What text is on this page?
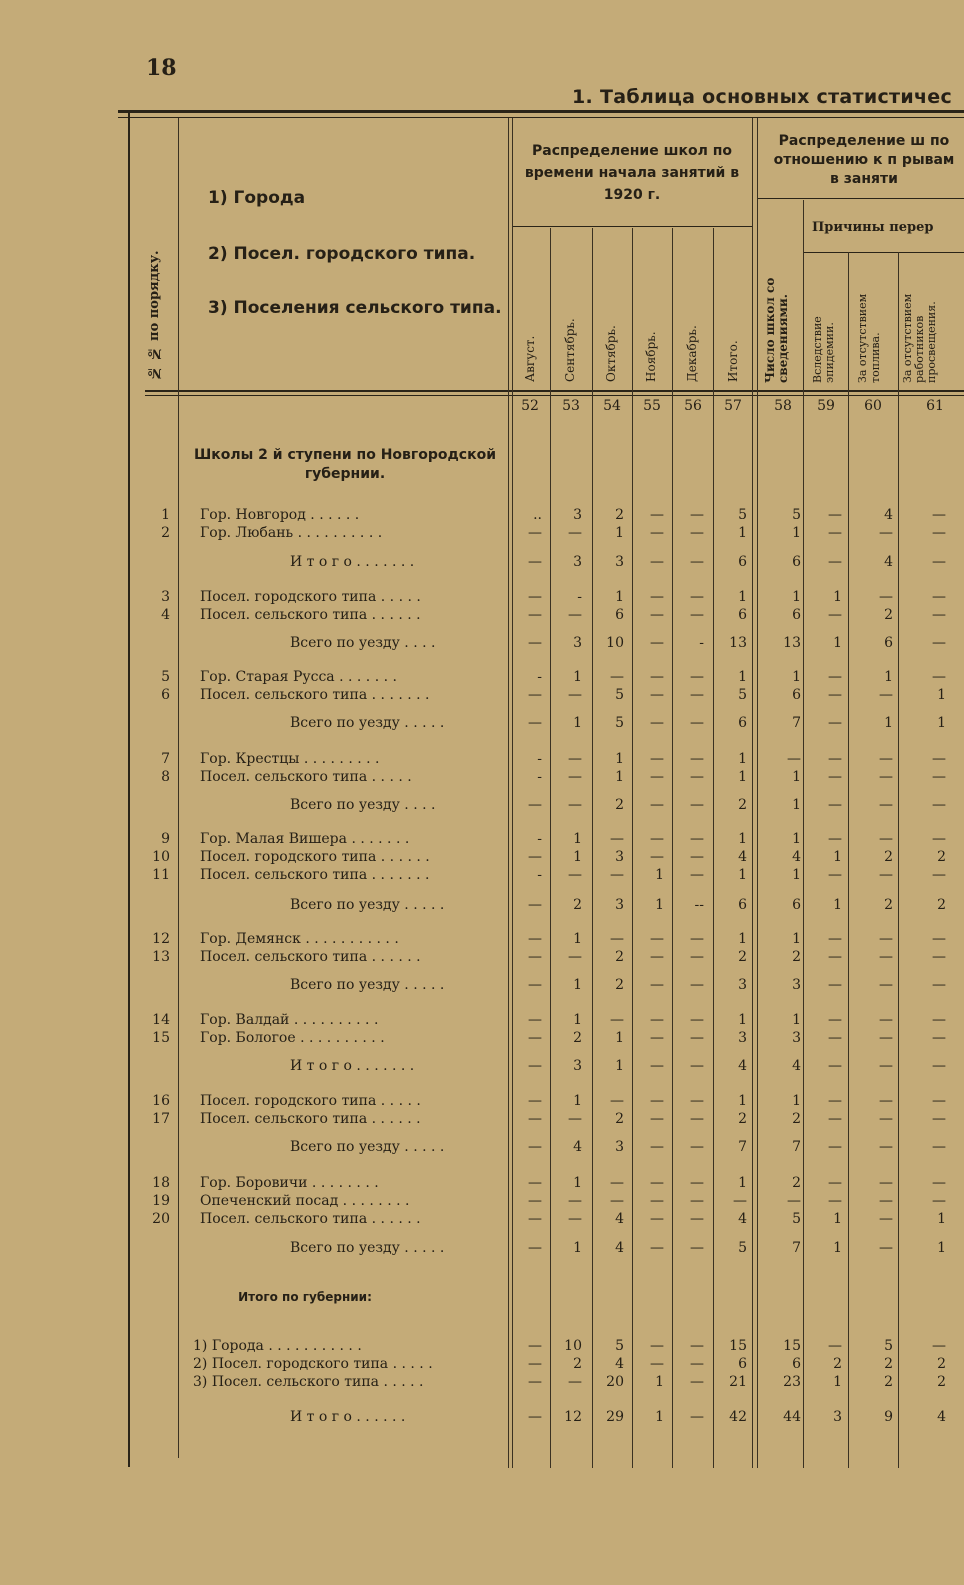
18
1. Таблица основных статистичес
№ № по порядку.
1) Города
2) Посел. городского типа.
3) Поселения сельского типа.
Распределение школ по времени начала занятий в 1920 г.
Распределение ш по отношению к п рывам в заняти
Причины перер
Август. Сентябрь. Октябрь. Ноябрь. Декабрь. Итого. Число школ со сведениями.	Вследствие эпидемии.	За отсутствием топлива.	За отсутствием работников просвещения.
52	53	54	55	56	57	58	59	60	61
Школы 2 й ступени по Новгородской губернии.
1 Гор. Новгород . . . . . .	..	3	2	—	—	5	5	—	4	—
2 Гор. Любань . . . . . . . . . .	—	—	1	—	—	1	1	—	—	—
И т о г о . . . . . . .	—	3	3	—	—	6	6	—	4	—
3 Посел. городского типа . . . . .	—	-	1	—	—	1	1	1	—	—
4 Посел. сельского типа . . . . . .	—	—	6	—	—	6	6	—	2	—
Всего по уезду . . . .	—	3	10	—	-	13	13	1	6	—
5 Гор. Старая Русса . . . . . . .	-	1	—	—	—	1	1	—	1	—
6 Посел. сельского типа . . . . . . .	—	—	5	—	—	5	6	—	—	1
Всего по уезду . . . . .	—	1	5	—	—	6	7	—	1	1
7 Гор. Крестцы . . . . . . . . .	-	—	1	—	—	1	—	—	—	—
8 Посел. сельского типа . . . . .	-	—	1	—	—	1	1	—	—	—
Всего по уезду . . . .	—	—	2	—	—	2	1	—	—	—
9 Гор. Малая Вишера . . . . . . .	-	1	—	—	—	1	1	—	—	—
10 Посел. городского типа . . . . . .	—	1	3	—	—	4	4	1	2	2
11 Посел. сельского типа . . . . . . .	-	—	—	1	—	1	1	—	—	—
Всего по уезду . . . . .	—	2	3	1	--	6	6	1	2	2
12 Гор. Демянск . . . . . . . . . . .	—	1	—	—	—	1	1	—	—	—
13 Посел. сельского типа . . . . . .	—	—	2	—	—	2	2	—	—	—
Всего по уезду . . . . .	—	1	2	—	—	3	3	—	—	—
14 Гор. Валдай . . . . . . . . . .	—	1	—	—	—	1	1	—	—	—
15 Гор. Бологое . . . . . . . . . .	—	2	1	—	—	3	3	—	—	—
И т о г о . . . . . . .	—	3	1	—	—	4	4	—	—	—
16 Посел. городского типа . . . . .	—	1	—	—	—	1	1	—	—	—
17 Посел. сельского типа . . . . . .	—	—	2	—	—	2	2	—	—	—
Всего по уезду . . . . .	—	4	3	—	—	7	7	—	—	—
18 Гор. Боровичи . . . . . . . .	—	1	—	—	—	1	2	—	—	—
19 Опеченский посад . . . . . . . .	—	—	—	—	—	—	—	—	—	—
20 Посел. сельского типа . . . . . .	—	—	4	—	—	4	5	1	—	1
Всего по уезду . . . . .	—	1	4	—	—	5	7	1	—	1
Итого по губернии:
1) Города . . . . . . . . . . .	—	10	5	—	—	15	15	—	5	—
2) Посел. городского типа . . . . .	—	2	4	—	—	6	6	2	2	2
3) Посел. сельского типа . . . . .	—	—	20	1	—	21	23	1	2	2
И т о г о . . . . . .	—	12	29	1	—	42	44	3	9	4
